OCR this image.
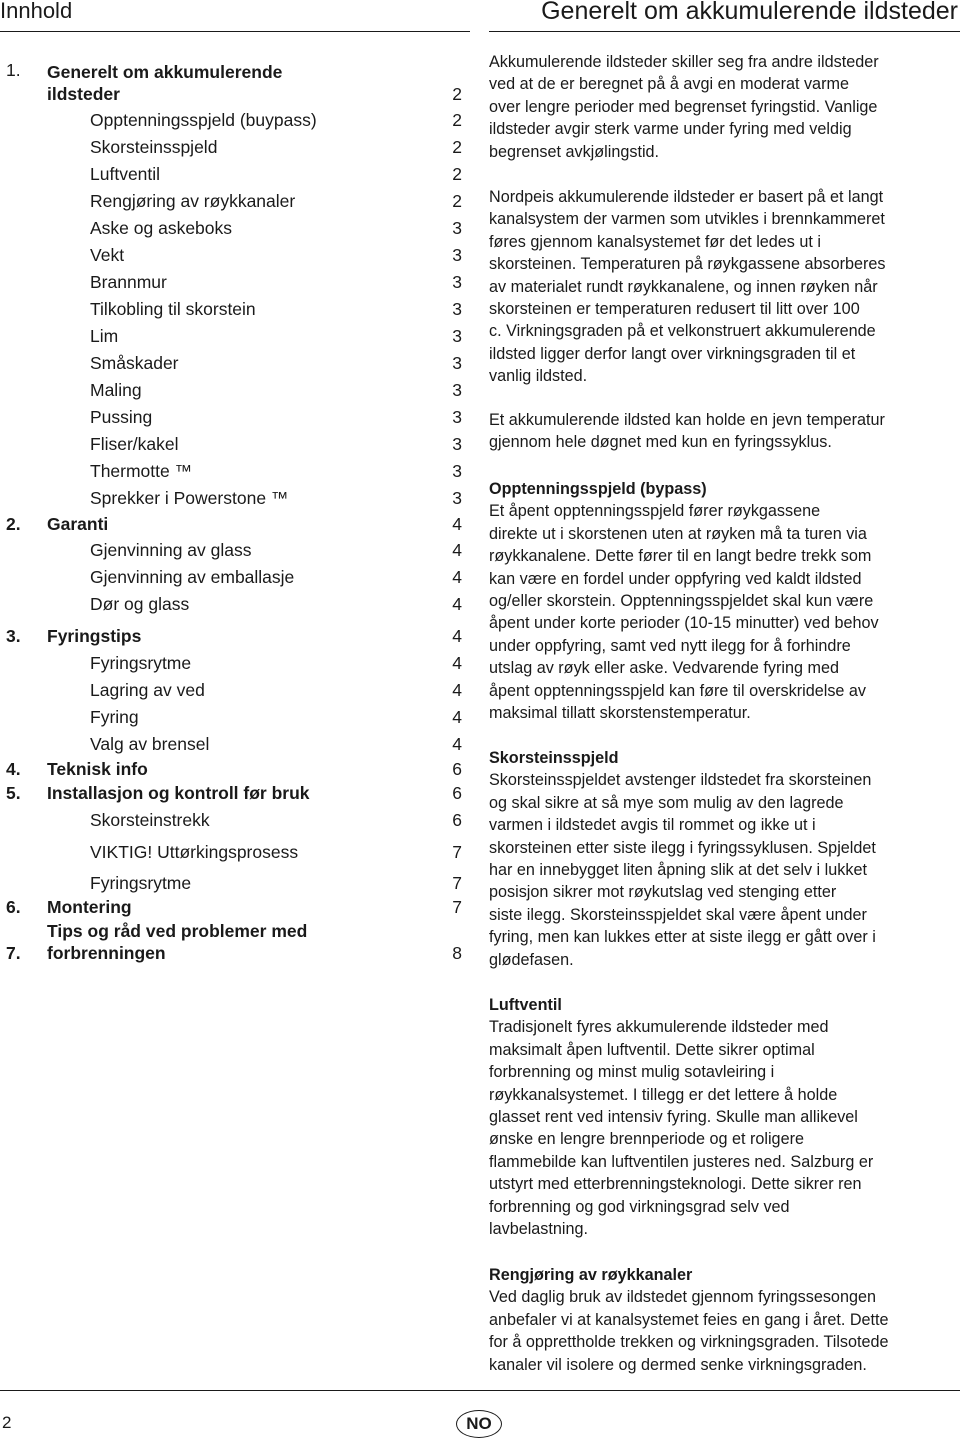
Innhold	Generelt om akkumulerende ildsteder
1. Generelt om akkumulerende
ildsteder	2
Opptenningsspjeld (buypass)	2
Skorsteinsspjeld	2
Luftventil	2
Rengjøring av røykkanaler	2
Aske og askeboks	3
Vekt	3
Brannmur	3
Tilkobling til skorstein	3
Lim	3
Småskader	3
Maling	3
Pussing	3
Fliser/kakel	3
Thermotte ™	3
Sprekker i Powerstone ™	3
2. Garanti	4
Gjenvinning av glass	4
Gjenvinning av emballasje	4
Dør og glass	4
3. Fyringstips	4
Fyringsrytme	4
Lagring av ved	4
Fyring	4
Valg av brensel	4
4. Teknisk info	6
5. Installasjon og kontroll før bruk	6
Skorsteinstrekk	6
VIKTIG! Uttørkingsprosess	7
Fyringsrytme	7
6. Montering	7
7.
Tips og råd ved problemer med
forbrenningen	8

Akkumulerende ildsteder skiller seg fra andre ildsteder

ved at de er beregnet på å avgi en moderat varme

over lengre perioder med begrenset fyringstid. Vanlige

ildsteder avgir sterk varme under fyring med veldig

begrenset avkjølingstid.

Nordpeis akkumulerende ildsteder er basert på et langt

kanalsystem der varmen som utvikles i brennkammeret

føres gjennom kanalsystemet før det ledes ut i

skorsteinen. Temperaturen på røykgassene absorberes

av materialet rundt røykkanalene, og innen røyken når

skorsteinen er temperaturen redusert til litt over 100

c. Virkningsgraden på et velkonstruert akkumulerende

ildsted ligger derfor langt over virkningsgraden til et

vanlig ildsted.

Et akkumulerende ildsted kan holde en jevn temperatur

gjennom hele døgnet med kun en fyringssyklus.

Opptenningsspjeld (bypass)

Et åpent opptenningsspjeld fører røykgassene

direkte ut i skorstenen uten at røyken må ta turen via

røykkanalene. Dette fører til en langt bedre trekk som

kan være en fordel under oppfyring ved kaldt ildsted

og/eller skorstein. Opptenningsspjeldet skal kun være

åpent under korte perioder (10-15 minutter) ved behov

under oppfyring, samt ved nytt ilegg for å forhindre

utslag av røyk eller aske. Vedvarende fyring med

åpent opptenningsspjeld kan føre til overskridelse av

maksimal tillatt skorstenstemperatur.

Skorsteinsspjeld

Skorsteinsspjeldet avstenger ildstedet fra skorsteinen

og skal sikre at så mye som mulig av den lagrede

varmen i ildstedet avgis til rommet og ikke ut i

skorsteinen etter siste ilegg i fyringssyklusen. Spjeldet

har en innebygget liten åpning slik at det selv i lukket

posisjon sikrer mot røykutslag ved stenging etter

siste ilegg. Skorsteinsspjeldet skal være åpent under

fyring, men kan lukkes etter at siste ilegg er gått over i

glødefasen.

Luftventil

Tradisjonelt fyres akkumulerende ildsteder med

maksimalt åpen luftventil. Dette sikrer optimal

forbrenning og minst mulig sotavleiring i

røykkanalsystemet. I tillegg er det lettere å holde

glasset rent ved intensiv fyring. Skulle man allikevel

ønske en lengre brennperiode og et roligere

flammebilde kan luftventilen justeres ned. Salzburg er

utstyrt med etterbrenningsteknologi. Dette sikrer ren

forbrenning og god virkningsgrad selv ved

lavbelastning.

Rengjøring av røykkanaler

Ved daglig bruk av ildstedet gjennom fyringssesongen

anbefaler vi at kanalsystemet feies en gang i året. Dette

for å opprettholde trekken og virkningsgraden. Tilsotede

kanaler vil isolere og dermed senke virkningsgraden.

2	NO
